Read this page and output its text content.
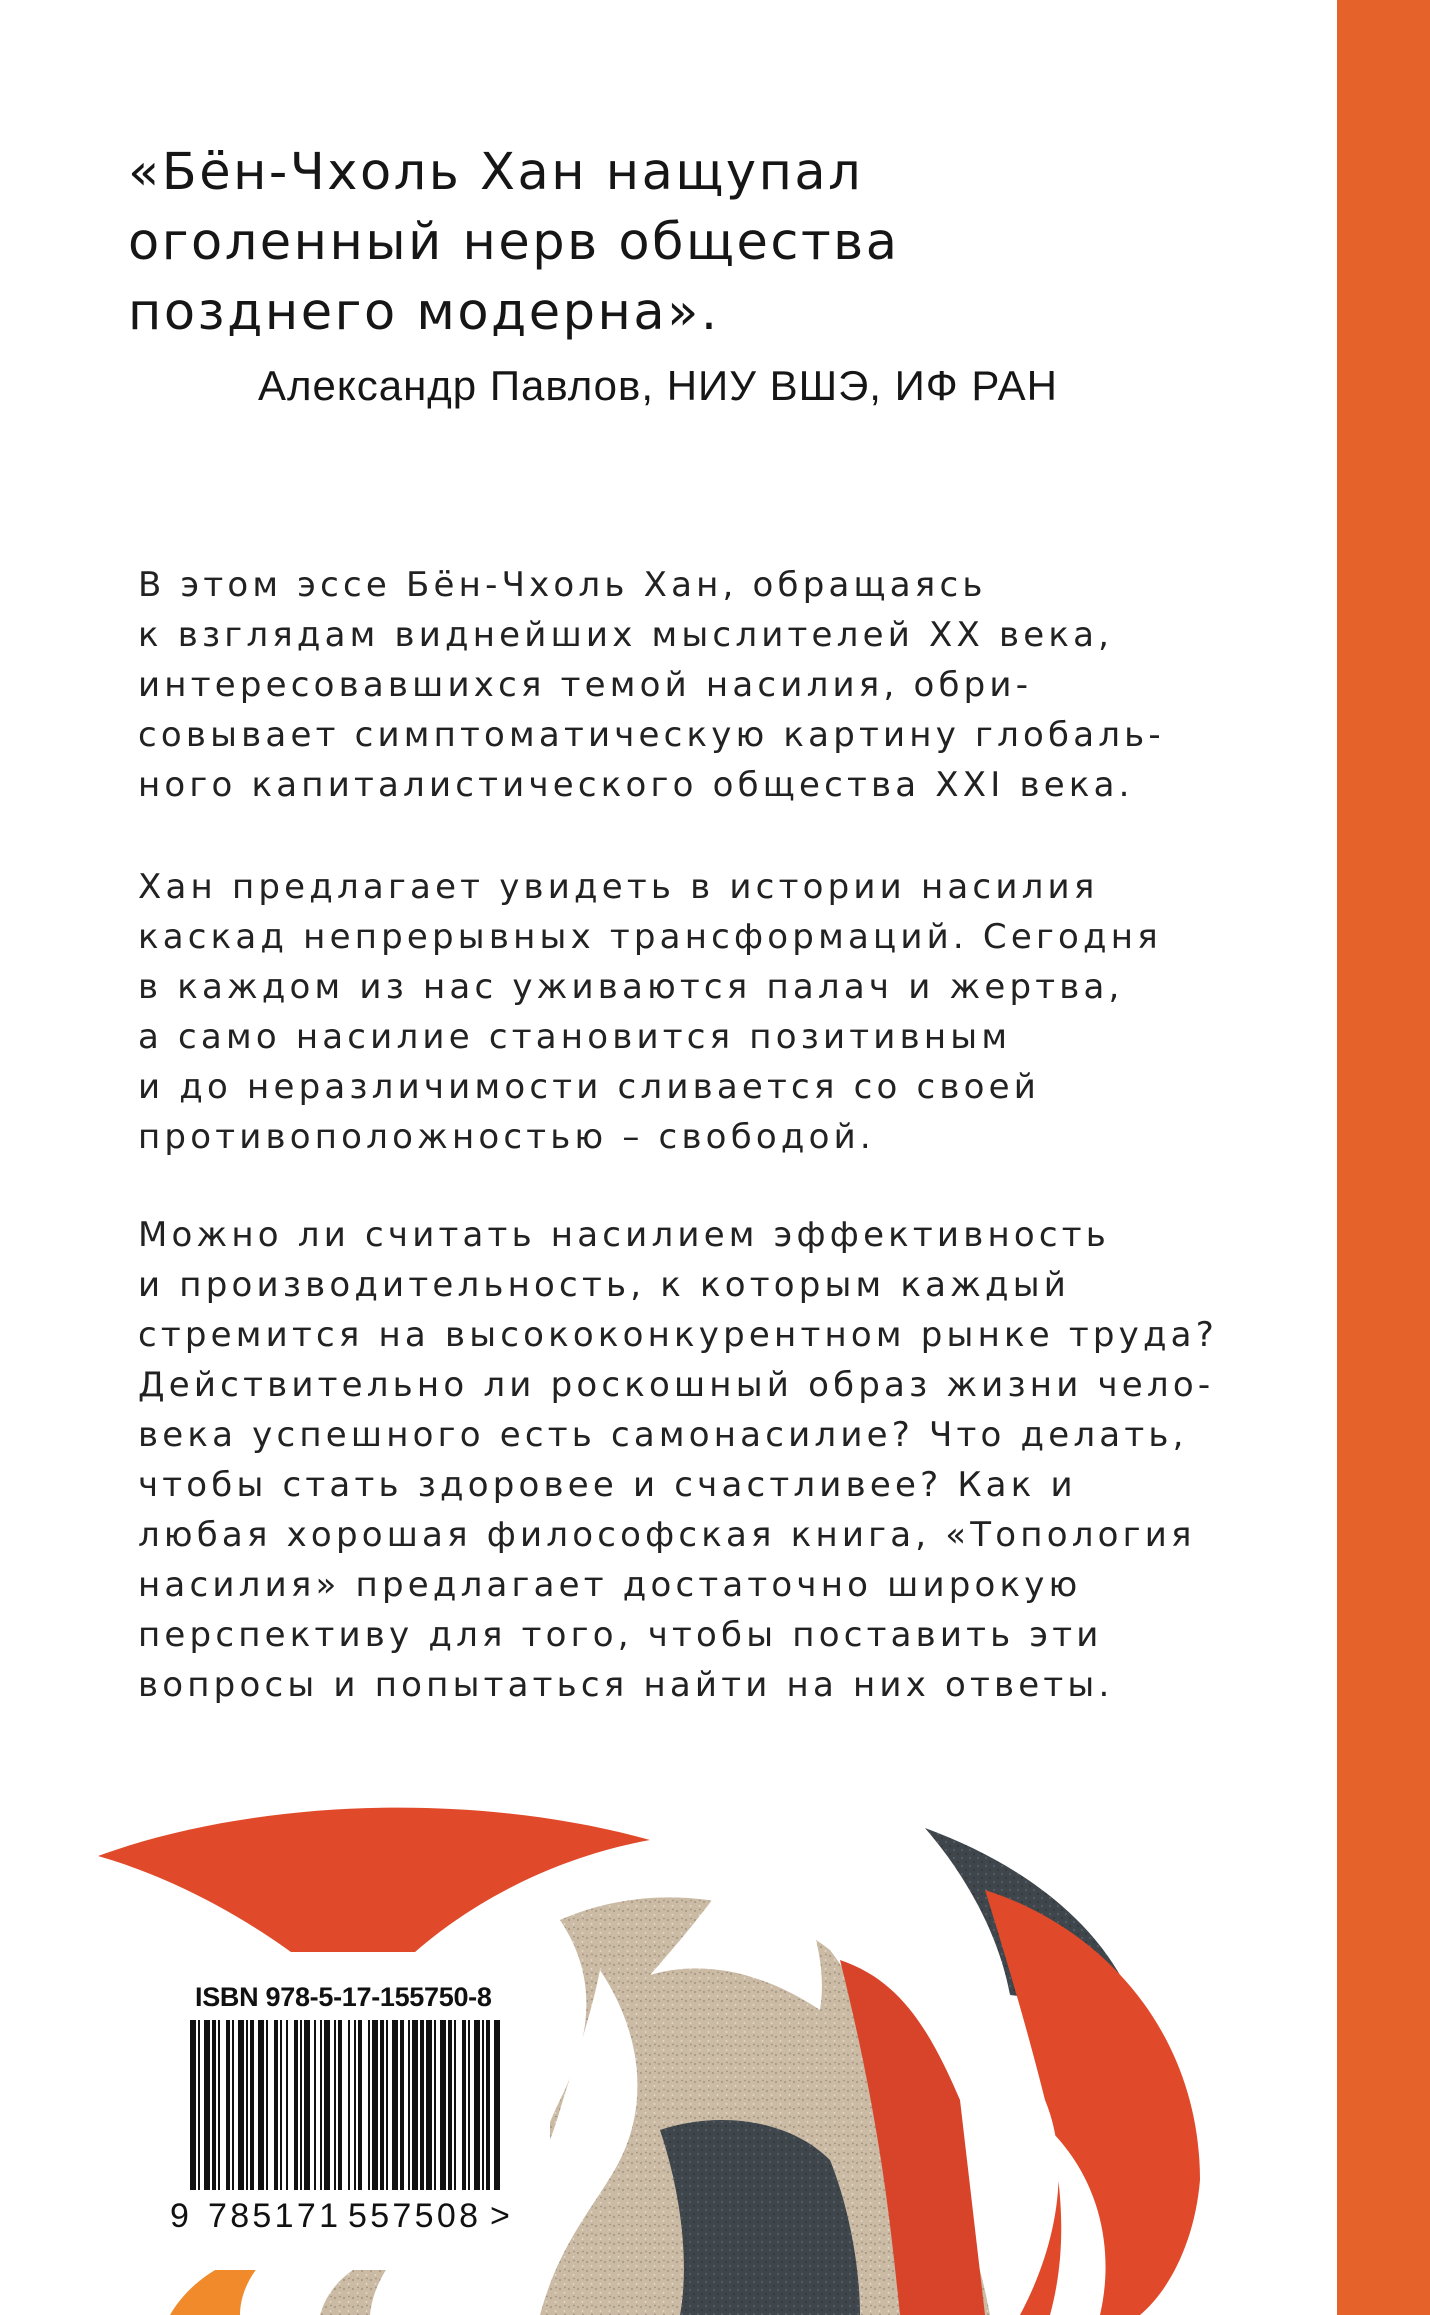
«Бён-Чхоль Хан нащупал
оголенный нерв общества
позднего модерна».
Александр Павлов, НИУ ВШЭ, ИФ РАН
В этом эссе Бён-Чхоль Хан, обращаясь
к взглядам виднейших мыслителей XX века,
интересовавшихся темой насилия, обри-
совывает симптоматическую картину глобаль-
ного капиталистического общества XXI века.
Хан предлагает увидеть в истории насилия
каскад непрерывных трансформаций. Сегодня
в каждом из нас уживаются палач и жертва,
а само насилие становится позитивным
и до неразличимости сливается со своей
противоположностью – свободой.
Можно ли считать насилием эффективность
и производительность, к которым каждый
стремится на высококонкурентном рынке труда?
Действительно ли роскошный образ жизни чело-
века успешного есть самонасилие? Что делать,
чтобы стать здоровее и счастливее? Как и
любая хорошая философская книга, «Топология
насилия» предлагает достаточно широкую
перспективу для того, чтобы поставить эти
вопросы и попытаться найти на них ответы.
ISBN 978-5-17-155750-8
9 785171 557508 >
